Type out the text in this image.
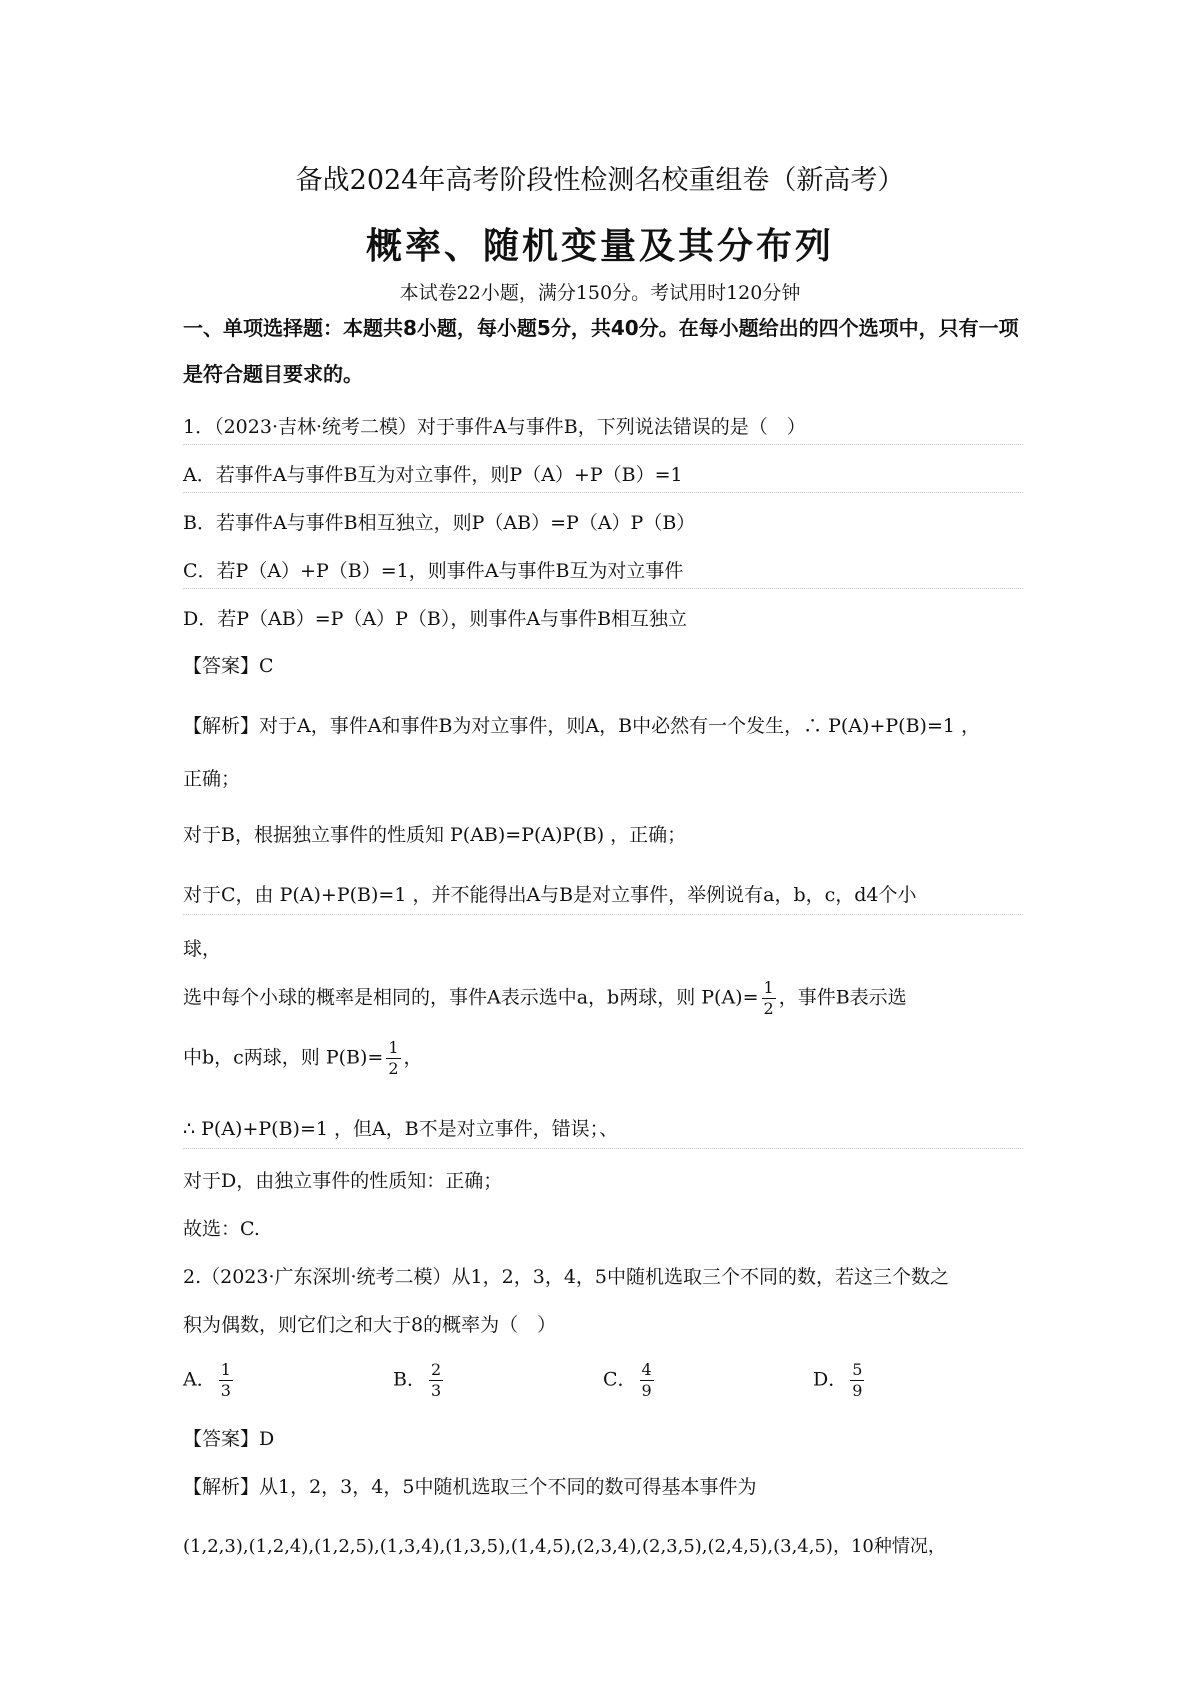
备战2024年高考阶段性检测名校重组卷（新高考）
概率、随机变量及其分布列
本试卷22小题，满分150分。考试用时120分钟
一、单项选择题：本题共8小题，每小题5分，共40分。在每小题给出的四个选项中，只有一项是符合题目要求的。
1．（2023·吉林·统考二模）对于事件A与事件B，下列说法错误的是（　）
A．若事件A与事件B互为对立事件，则P（A）+P（B）=1
B．若事件A与事件B相互独立，则P（AB）=P（A）P（B）
C．若P（A）+P（B）=1，则事件A与事件B互为对立事件
D．若P（AB）=P（A）P（B），则事件A与事件B相互独立
【答案】C
【解析】对于A，事件A和事件B为对立事件，则A，B中必然有一个发生，∴ P(A)+P(B)=1 ，
正确；
对于B，根据独立事件的性质知 P(AB)=P(A)P(B) ，正确；
对于C，由 P(A)+P(B)=1 ，并不能得出A与B是对立事件，举例说有a，b，c，d4个小
球，
选中每个小球的概率是相同的，事件A表示选中a，b两球，则 $P(A)= \frac{1}{2}$ ，事件B表示选
中b，c两球，则 $P(B)= \frac{1}{2}$ ，
∴ P(A)+P(B)=1 ，但A，B不是对立事件，错误；、
对于D，由独立事件的性质知：正确；
故选：C.
2.（2023·广东深圳·统考二模）从1，2，3，4，5中随机选取三个不同的数，若这三个数之
积为偶数，则它们之和大于8的概率为（　）
A． $\frac{1}{3}$	B． $\frac{2}{3}$	C． $\frac{4}{9}$	D． $\frac{5}{9}$
【答案】D
【解析】从1，2，3，4，5中随机选取三个不同的数可得基本事件为
(1,2,3),(1,2,4),(1,2,5),(1,3,4),(1,3,5),(1,4,5),(2,3,4),(2,3,5),(2,4,5),(3,4,5)，10种情况，
